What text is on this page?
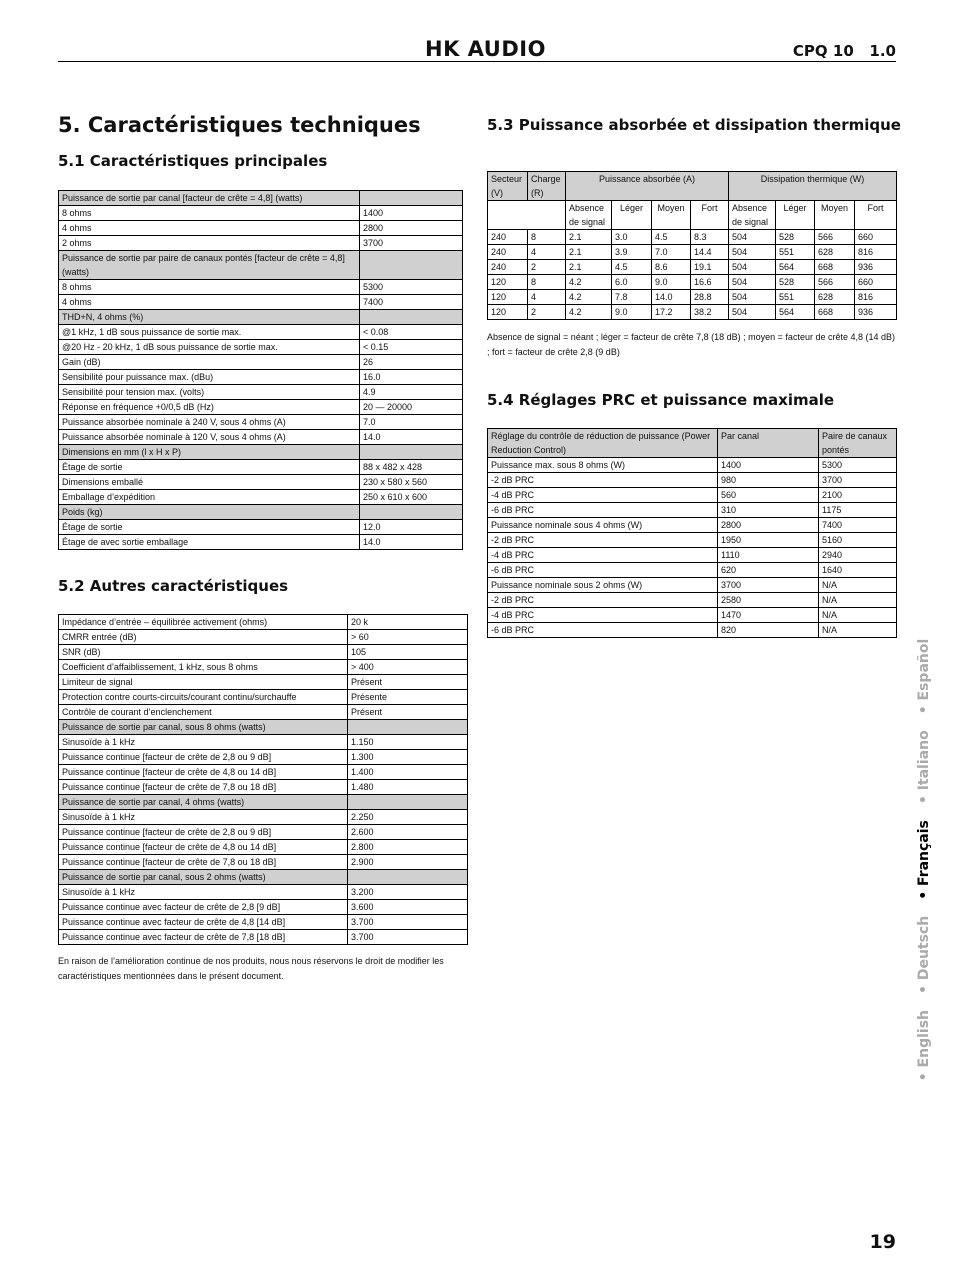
HK AUDIO	CPQ 10   1.0
5. Caractéristiques techniques
5.1 Caractéristiques principales
Puissance de sortie par canal [facteur de crête = 4,8] (watts)	
8 ohms	1400
4 ohms	2800
2 ohms	3700
Puissance de sortie par paire de canaux pontés [facteur de crête = 4,8] (watts)	
8 ohms	5300
4 ohms	7400
THD+N, 4 ohms (%)	
@1 kHz, 1 dB sous puissance de sortie max.	< 0.08
@20 Hz - 20 kHz, 1 dB sous puissance de sortie max.	< 0.15
Gain (dB)	26
Sensibilité pour puissance max. (dBu)	16.0
Sensibilité pour tension max. (volts)	4.9
Réponse en fréquence +0/0,5 dB (Hz)	20 — 20000
Puissance absorbée nominale à 240 V, sous 4 ohms (A)	7.0
Puissance absorbée nominale à 120 V, sous 4 ohms (A)	14.0
Dimensions en mm (l x H x P)	
Étage de sortie	88 x 482 x 428
Dimensions emballé	230 x 580 x 560
Emballage d’expédition	250 x 610 x 600
Poids (kg)	
Étage de sortie	12.0
Étage de avec sortie emballage	14.0
5.2 Autres caractéristiques
Impédance d’entrée – équilibrée activement (ohms)	20 k
CMRR entrée (dB)	> 60
SNR (dB)	105
Coefficient d’affaiblissement, 1 kHz, sous 8 ohms	> 400
Limiteur de signal	Présent
Protection contre courts-circuits/courant continu/surchauffe	Présente
Contrôle de courant d’enclenchement	Présent
Puissance de sortie par canal, sous 8 ohms (watts)	
Sinusoïde à 1 kHz	1.150
Puissance continue [facteur de crête de 2,8 ou 9 dB]	1.300
Puissance continue [facteur de crête de 4,8 ou 14 dB]	1.400
Puissance continue [facteur de crête de 7,8 ou 18 dB]	1.480
Puissance de sortie par canal, 4 ohms (watts)	
Sinusoïde à 1 kHz	2.250
Puissance continue [facteur de crête de 2,8 ou 9 dB]	2.600
Puissance continue [facteur de crête de 4,8 ou 14 dB]	2.800
Puissance continue [facteur de crête de 7,8 ou 18 dB]	2.900
Puissance de sortie par canal, sous 2 ohms (watts)	
Sinusoïde à 1 kHz	3.200
Puissance continue avec facteur de crête de 2,8 [9 dB]	3.600
Puissance continue avec facteur de crête de 4,8 [14 dB]	3.700
Puissance continue avec facteur de crête de 7,8 [18 dB]	3.700
En raison de l’amélioration continue de nos produits, nous nous réservons le droit de modifier les caractéristiques mentionnées dans le présent document.
5.3 Puissance absorbée et dissipation thermique
Secteur (V)	Charge (R)	Puissance absorbée (A)				Dissipation thermique (W)			
		Absence de signal	Léger	Moyen	Fort	Absence de signal	Léger	Moyen	Fort
240	8	2.1	3.0	4.5	8.3	504	528	566	660
240	4	2.1	3.9	7.0	14.4	504	551	628	816
240	2	2.1	4.5	8.6	19.1	504	564	668	936
120	8	4.2	6.0	9.0	16.6	504	528	566	660
120	4	4.2	7.8	14.0	28.8	504	551	628	816
120	2	4.2	9.0	17.2	38.2	504	564	668	936
Absence de signal = néant ; léger = facteur de crête 7,8 (18 dB) ; moyen = facteur de crête 4,8 (14 dB) ; fort = facteur de crête 2,8 (9 dB)
5.4 Réglages PRC et puissance maximale
Réglage du contrôle de réduction de puissance (Power Reduction Control)	Par canal	Paire de canaux pontés
Puissance max. sous 8 ohms (W)	1400	5300
-2 dB PRC	980	3700
-4 dB PRC	560	2100
-6 dB PRC	310	1175
Puissance nominale sous 4 ohms (W)	2800	7400
-2 dB PRC	1950	5160
-4 dB PRC	1110	2940
-6 dB PRC	620	1640
Puissance nominale sous 2 ohms (W)	3700	N/A
-2 dB PRC	2580	N/A
-4 dB PRC	1470	N/A
-6 dB PRC	820	N/A
• English• Deutsch• Français• Italiano• Español
19
